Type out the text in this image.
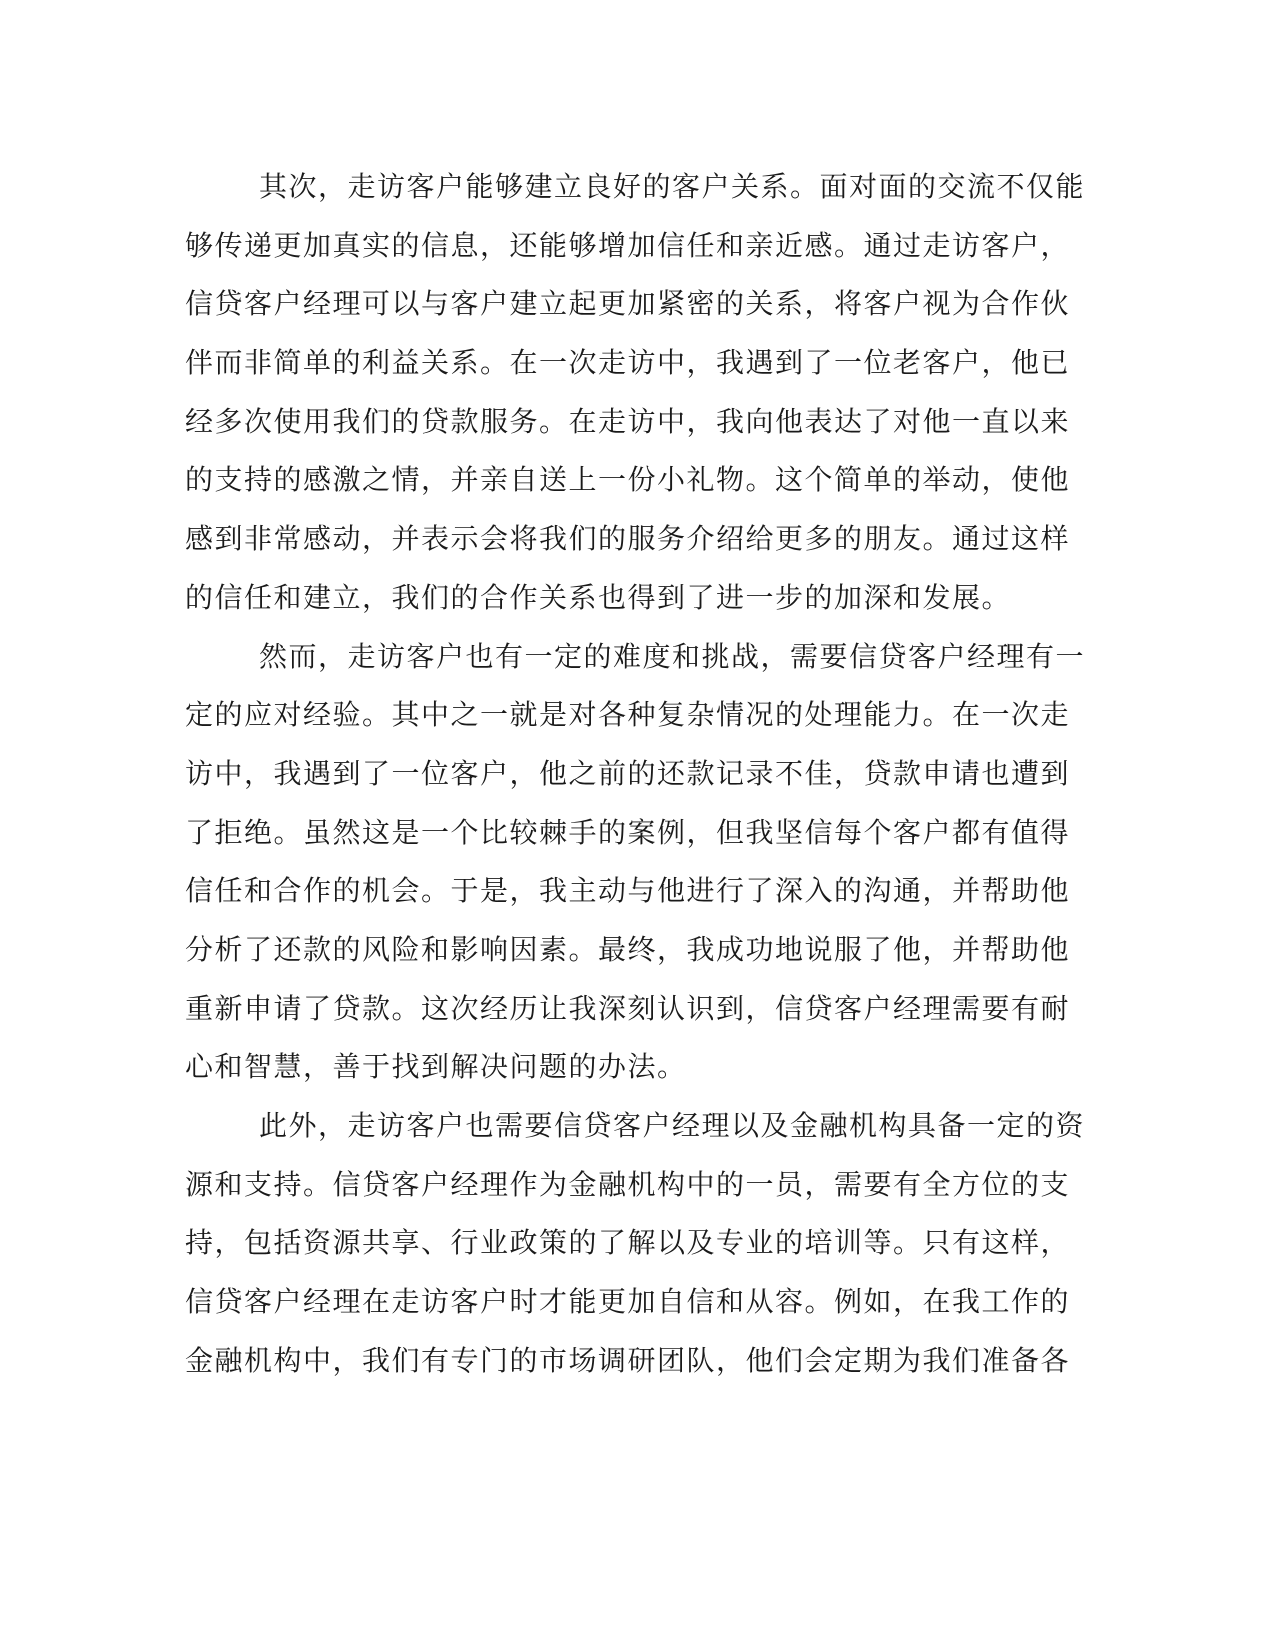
其次，走访客户能够建立良好的客户关系。面对面的交流不仅能
够传递更加真实的信息，还能够增加信任和亲近感。通过走访客户，
信贷客户经理可以与客户建立起更加紧密的关系，将客户视为合作伙
伴而非简单的利益关系。在一次走访中，我遇到了一位老客户，他已
经多次使用我们的贷款服务。在走访中，我向他表达了对他一直以来
的支持的感激之情，并亲自送上一份小礼物。这个简单的举动，使他
感到非常感动，并表示会将我们的服务介绍给更多的朋友。通过这样
的信任和建立，我们的合作关系也得到了进一步的加深和发展。
然而，走访客户也有一定的难度和挑战，需要信贷客户经理有一
定的应对经验。其中之一就是对各种复杂情况的处理能力。在一次走
访中，我遇到了一位客户，他之前的还款记录不佳，贷款申请也遭到
了拒绝。虽然这是一个比较棘手的案例，但我坚信每个客户都有值得
信任和合作的机会。于是，我主动与他进行了深入的沟通，并帮助他
分析了还款的风险和影响因素。最终，我成功地说服了他，并帮助他
重新申请了贷款。这次经历让我深刻认识到，信贷客户经理需要有耐
心和智慧，善于找到解决问题的办法。
此外，走访客户也需要信贷客户经理以及金融机构具备一定的资
源和支持。信贷客户经理作为金融机构中的一员，需要有全方位的支
持，包括资源共享、行业政策的了解以及专业的培训等。只有这样，
信贷客户经理在走访客户时才能更加自信和从容。例如，在我工作的
金融机构中，我们有专门的市场调研团队，他们会定期为我们准备各
